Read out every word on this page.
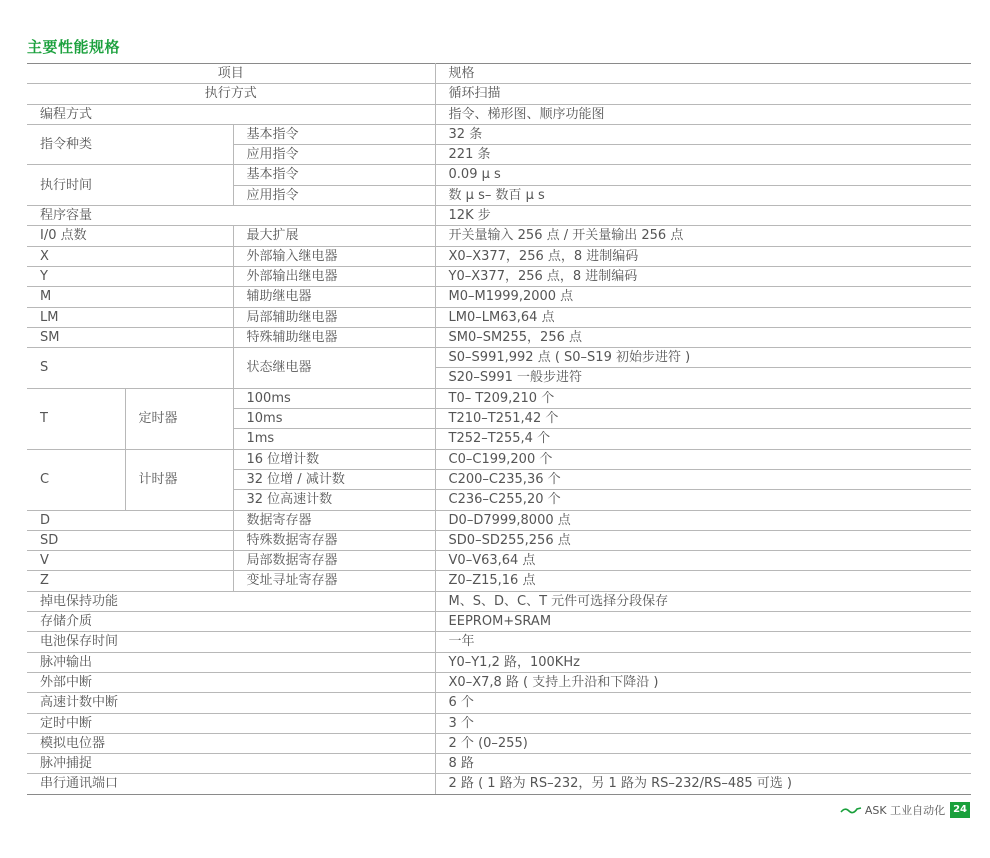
主要性能规格
项目			规格
执行方式			循环扫描
编程方式			指令、梯形图、顺序功能图
指令种类		基本指令	32 条
		应用指令	221 条
执行时间		基本指令	0.09 μ s
		应用指令	数 μ s– 数百 μ s
程序容量			12K 步
I/0 点数		最大扩展	开关量输入 256 点 / 开关量输出 256 点
X		外部输入继电器	X0–X377，256 点，8 进制编码
Y		外部输出继电器	Y0–X377，256 点，8 进制编码
M		辅助继电器	M0–M1999,2000 点
LM		局部辅助继电器	LM0–LM63,64 点
SM		特殊辅助继电器	SM0–SM255，256 点
S		状态继电器	S0–S991,992 点 ( S0–S19 初始步进符 )
			S20–S991 一般步进符
T	定时器	100ms	T0– T209,210 个
		10ms	T210–T251,42 个
		1ms	T252–T255,4 个
C	计时器	16 位增计数	C0–C199,200 个
		32 位增 / 减计数	C200–C235,36 个
		32 位高速计数	C236–C255,20 个
D		数据寄存器	D0–D7999,8000 点
SD		特殊数据寄存器	SD0–SD255,256 点
V		局部数据寄存器	V0–V63,64 点
Z		变址寻址寄存器	Z0–Z15,16 点
掉电保持功能			M、S、D、C、T 元件可选择分段保存
存储介质			EEPROM+SRAM
电池保存时间			一年
脉冲输出			Y0–Y1,2 路，100KHz
外部中断			X0–X7,8 路 ( 支持上升沿和下降沿 )
高速计数中断			6 个
定时中断			3 个
模拟电位器			2 个 (0–255)
脉冲捕捉			8 路
串行通讯端口			2 路 ( 1 路为 RS–232，另 1 路为 RS–232/RS–485 可选 )
ASK 工业自动化 24
